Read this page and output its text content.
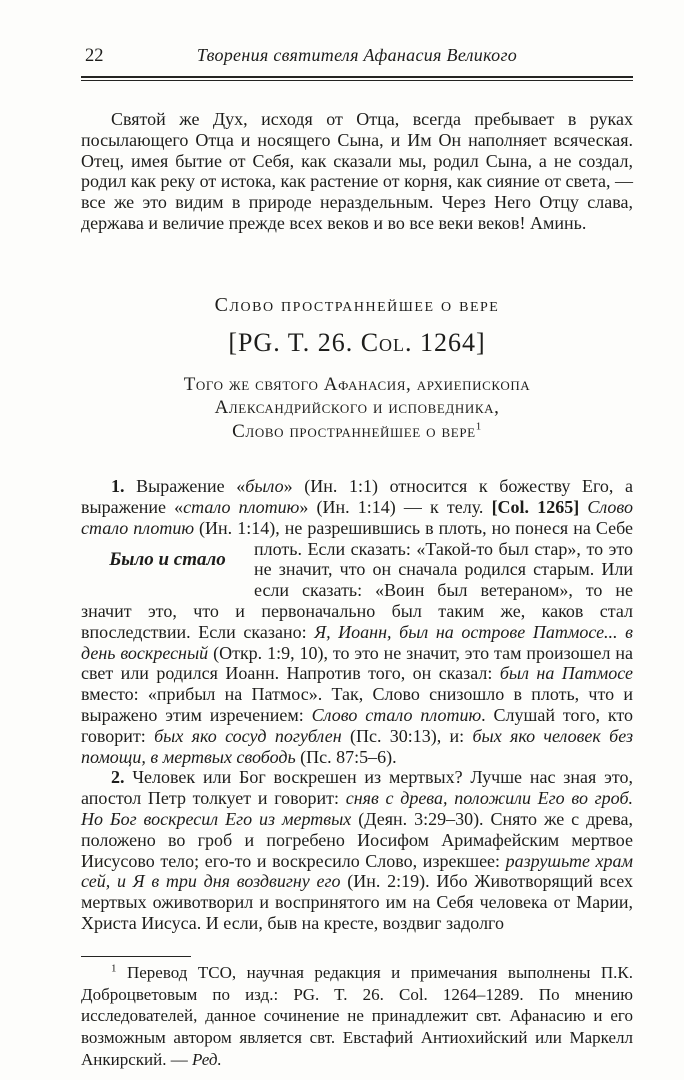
22	Творения святителя Афанасия Великого

Святой же Дух, исходя от Отца, всегда пребывает в руках посылающего Отца и носящего Сына, и Им Он наполняет всяческая. Отец, имея бытие от Себя, как сказали мы, родил Сына, а не создал, родил как реку от истока, как растение от корня, как сияние от света, — все же это видим в природе нераздельным. Через Него Отцу слава, держава и величие прежде всех веков и во все веки веков! Аминь.

Слово пространнейшее о вере
[PG. T. 26. Col. 1264]
Того же святого Афанасия, архиепископа
Александрийского и исповедника,
Слово пространнейшее о вере$^1$

1. Выражение «было» (Ин. 1:1) относится к божеству Его, а выражение «стало плотию» (Ин. 1:14) — к телу. [Col. 1265] Слово стало плотию (Ин. 1:14), не разрешившись в плоть, но понеся на Себе плоть. Если
Было и стало	сказать: «Такой-то был стар», то это не значит, что он сначала родился старым. Или если сказать: «Воин был ветераном», то не значит это, что и первоначально был таким же, каков стал впоследствии. Если сказано: Я, Иоанн, был на острове Патмосе... в день воскресный (Откр. 1:9, 10), то это не значит, это там произошел на свет или родился Иоанн. Напротив того, он сказал: был на Патмосе вместо: «прибыл на Патмос». Так, Слово снизошло в плоть, что и выражено этим изречением: Слово стало плотию. Слушай того, кто говорит: бых яко сосуд погублен (Пс. 30:13), и: бых яко человек без помощи, в мертвых свободь (Пс. 87:5–6).

2. Человек или Бог воскрешен из мертвых? Лучше нас зная это, апостол Петр толкует и говорит: сняв с древа, положили Его во гроб. Но Бог воскресил Его из мертвых (Деян. 3:29–30). Снято же с древа, положено во гроб и погребено Иосифом Аримафейским мертвое Иисусово тело; его-то и воскресило Слово, изрекшее: разрушьте храм сей, и Я в три дня воздвигну его (Ин. 2:19). Ибо Животворящий всех мертвых оживотворил и воспринятого им на Себя человека от Марии, Христа Иисуса. И если, быв на кресте, воздвиг задолго

$^1$ Перевод ТСО, научная редакция и примечания выполнены П.К. Доброцветовым по изд.: PG. T. 26. Col. 1264–1289. По мнению исследователей, данное сочинение не принадлежит свт. Афанасию и его возможным автором является свт. Евстафий Антиохийский или Маркелл Анкирский. — Ред.
